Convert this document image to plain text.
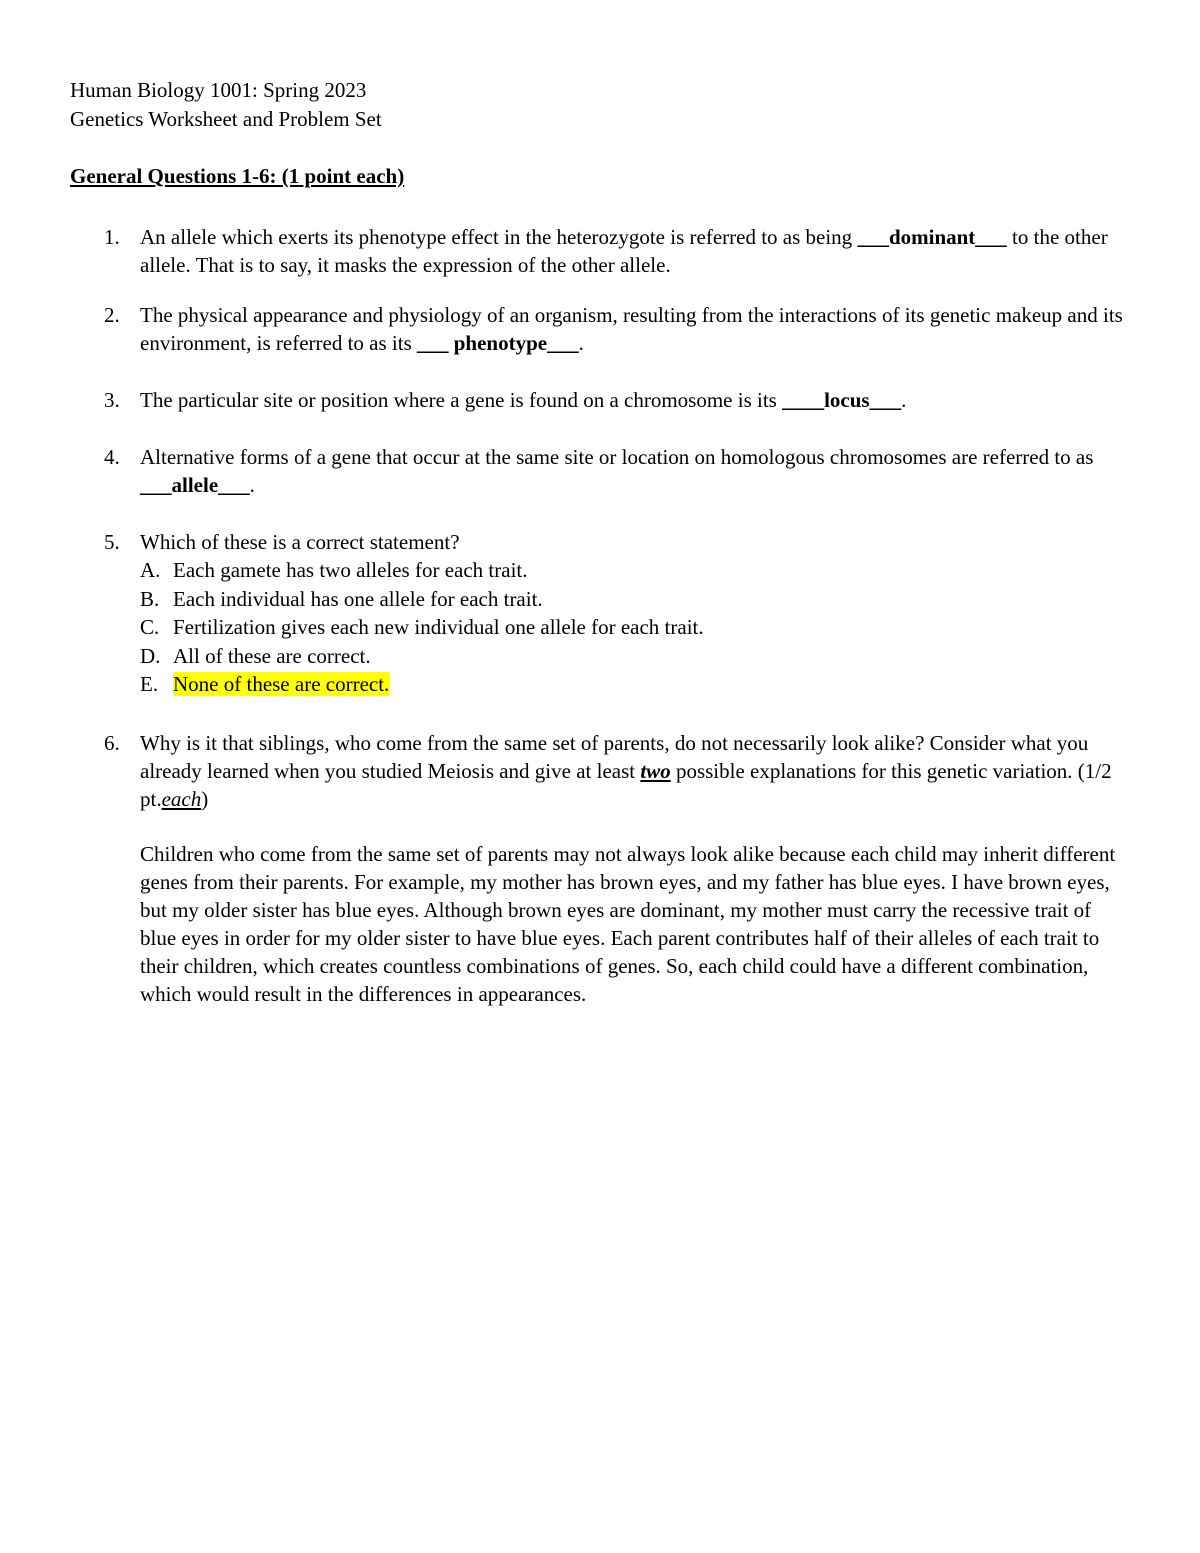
Human Biology 1001: Spring 2023

Genetics Worksheet and Problem Set

General Questions 1-6: (1 point each)

1. An allele which exerts its phenotype effect in the heterozygote is referred to as being ___dominant___ to the other allele. That is to say, it masks the expression of the other allele.
2. The physical appearance and physiology of an organism, resulting from the interactions of its genetic makeup and its environment, is referred to as its ___ phenotype___.
3. The particular site or position where a gene is found on a chromosome is its ____locus___.
4. Alternative forms of a gene that occur at the same site or location on homologous chromosomes are referred to as ___allele___.
5. Which of these is a correct statement?
A. Each gamete has two alleles for each trait.
B. Each individual has one allele for each trait.
C. Fertilization gives each new individual one allele for each trait.
D. All of these are correct.
E. None of these are correct.
6. Why is it that siblings, who come from the same set of parents, do not necessarily look alike? Consider what you already learned when you studied Meiosis and give at least two possible explanations for this genetic variation. (1/2 pt.each)
Children who come from the same set of parents may not always look alike because each child may inherit different genes from their parents. For example, my mother has brown eyes, and my father has blue eyes. I have brown eyes, but my older sister has blue eyes. Although brown eyes are dominant, my mother must carry the recessive trait of blue eyes in order for my older sister to have blue eyes. Each parent contributes half of their alleles of each trait to their children, which creates countless combinations of genes. So, each child could have a different combination, which would result in the differences in appearances.
